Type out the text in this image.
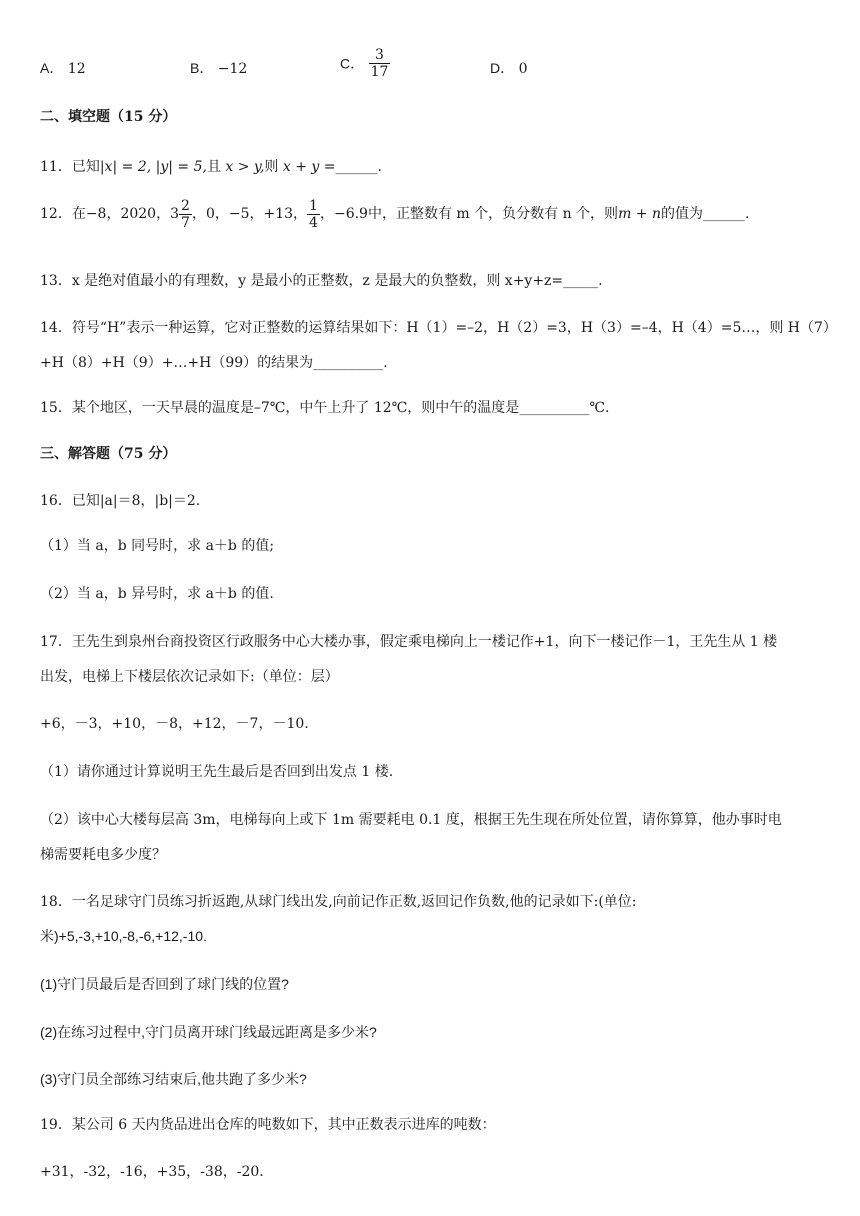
A． 12	B． −12	C． $\frac{3}{17}$	D． 0
二、填空题（15 分）
11．已知|x| = 2, |y| = 5,且 x > y,则 x + y =______.
12．在−8，2020，$3 \frac{2}{7}$ ，0，−5，+13， $\frac{1}{4}$ ，−6.9中，正整数有 m 个，负分数有 n 个，则m + n的值为______.
13．x 是绝对值最小的有理数，y 是最小的正整数，z 是最大的负整数，则 x+y+z=_____.
14．符号“H”表示一种运算，它对正整数的运算结果如下：H（1）=–2，H（2）=3，H（3）=–4，H（4）=5…，则 H（7）
+H（8）+H（9）+…+H（99）的结果为__________.
15．某个地区，一天早晨的温度是–7℃，中午上升了 12℃，则中午的温度是__________℃.
三、解答题（75 分）
16．已知|a|＝8，|b|＝2.
（1）当 a，b 同号时，求 a＋b 的值;
（2）当 a，b 异号时，求 a＋b 的值.
17．王先生到泉州台商投资区行政服务中心大楼办事，假定乘电梯向上一楼记作+1，向下一楼记作－1，王先生从 1 楼
出发，电梯上下楼层依次记录如下:（单位：层）
+6，－3，+10，－8，+12，－7，－10.
（1）请你通过计算说明王先生最后是否回到出发点 1 楼.
（2）该中心大楼每层高 3m，电梯每向上或下 1m 需要耗电 0.1 度，根据王先生现在所处位置，请你算算，他办事时电
梯需要耗电多少度？
18．一名足球守门员练习折返跑,从球门线出发,向前记作正数,返回记作负数,他的记录如下:(单位:
米)+5,-3,+10,-8,-6,+12,-10.
(1)守门员最后是否回到了球门线的位置?
(2)在练习过程中,守门员离开球门线最远距离是多少米?
(3)守门员全部练习结束后,他共跑了多少米?
19．某公司 6 天内货品进出仓库的吨数如下，其中正数表示进库的吨数：
+31，-32，-16，+35，-38，-20.
